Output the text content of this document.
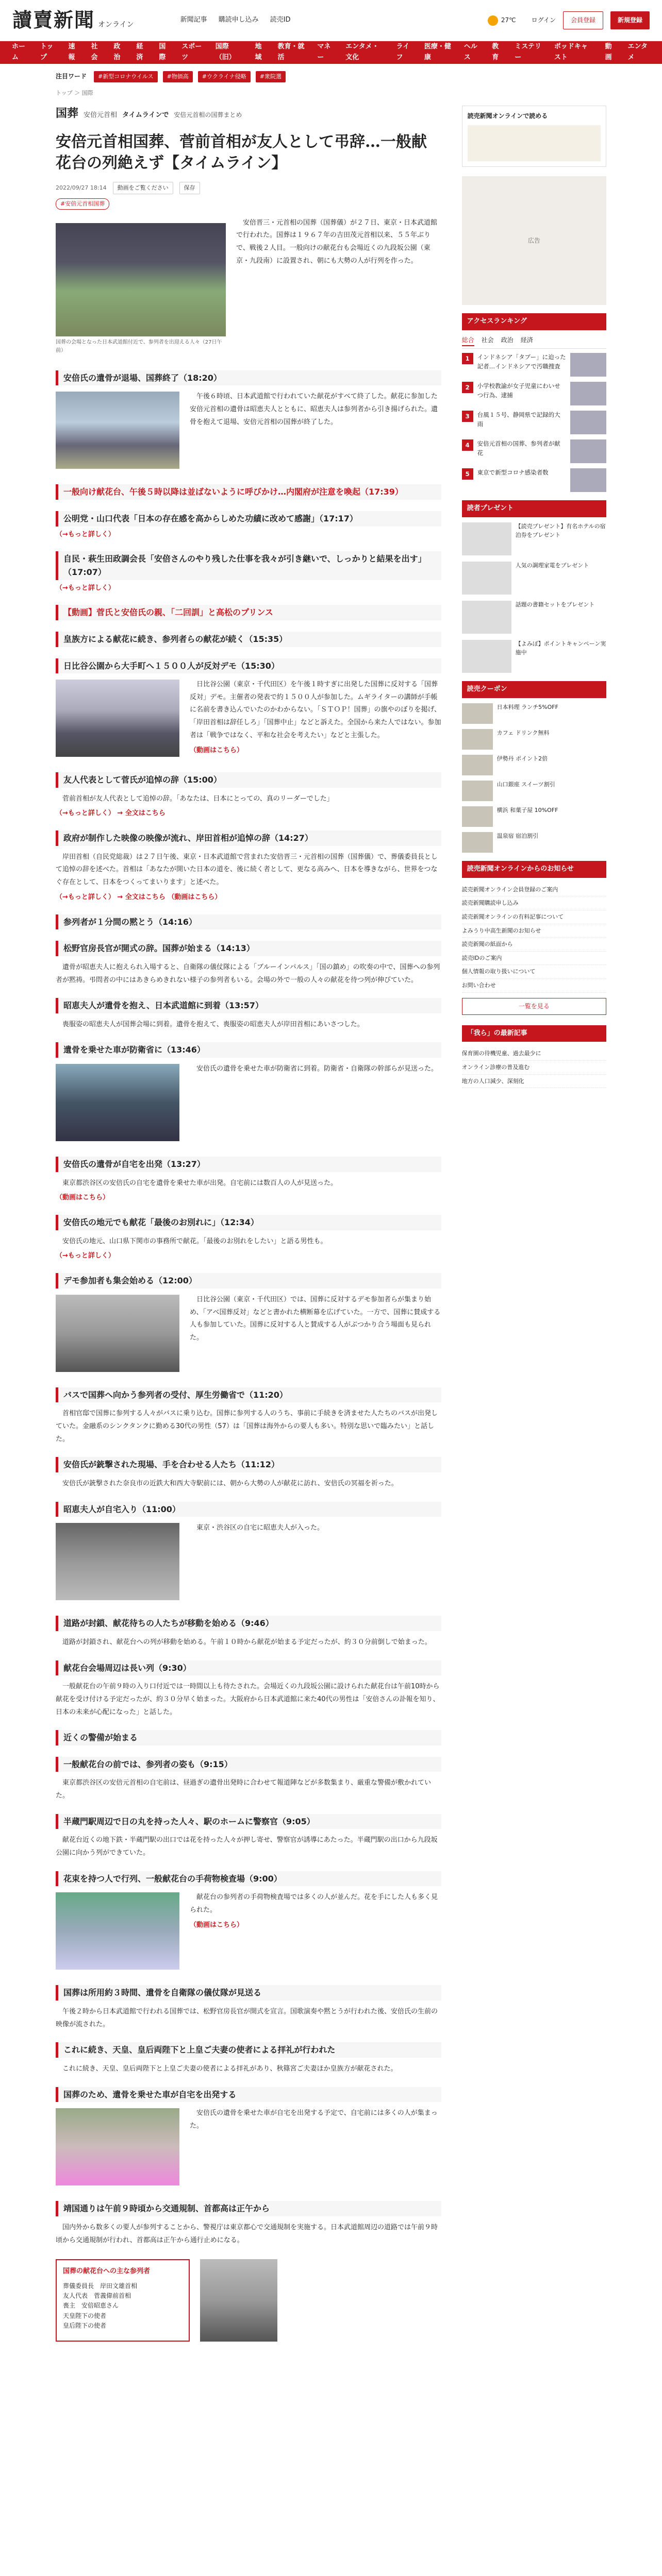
讀賣新聞 オンライン
新聞記事 購読申し込み 読売ID	27℃	ログイン	会員登録	新規登録
ホーム
トップ
速報
社会
政治
経済
国際
スポーツ
国際（旧）
地域
教育・就活
マネー
エンタメ・文化
ライフ
医療・健康
ヘルス
教育
ミステリー
ポッドキャスト
動画
エンタメ
注目ワード	#新型コロナウイルス	#物価高	#ウクライナ侵略	#衆院選
トップ ＞ 国際
国葬 安倍元首相 タイムラインで 安倍元首相の国葬まとめ
安倍元首相国葬、菅前首相が友人として弔辞…一般献花台の列絶えず【タイムライン】
2022/09/27 18:14	動画をご覧ください	保存
#安倍元首相国葬
国葬の会場となった日本武道館付近で、参列者を出迎える人々（27日午前）

安倍晋三・元首相の国葬（国葬儀）が２７日、東京・日本武道館で行われた。国葬は１９６７年の吉田茂元首相以来、５５年ぶりで、戦後２人目。一般向けの献花台も会場近くの九段坂公園（東京・九段南）に設置され、朝にも大勢の人が行列を作った。

安倍氏の遺骨が退場、国葬終了（18:20）

午後６時頃、日本武道館で行われていた献花がすべて終了した。献花に参加した安倍元首相の遺骨は昭恵夫人とともに、昭恵夫人は参列者から引き揚げられた。遺骨を抱えて退場、安倍元首相の国葬が終了した。

一般向け献花台、午後５時以降は並ばないように呼びかけ…内閣府が注意を喚起（17:39）
公明党・山口代表「日本の存在感を高からしめた功績に改めて感謝」（17:17）
（→もっと詳しく）
自民・萩生田政調会長「安倍さんのやり残した仕事を我々が引き継いで、しっかりと結果を出す」（17:07）
（→もっと詳しく）
【動画】菅氏と安倍氏の親、「二回訓」と高松のプリンス
皇族方による献花に続き、参列者らの献花が続く（15:35）
日比谷公園から大手町へ１５００人が反対デモ（15:30）

日比谷公園（東京・千代田区）を午後１時すぎに出発した国葬に反対する「国葬反対」デモ。主催者の発表で約１５００人が参加した。ムギライターの講師が手帳に名前を書き込んでいたのかわからない。「ＳＴＯＰ！国葬」の旗やのぼりを掲げ、「岸田首相は辞任しろ」「国葬中止」などと訴えた。全国から来た人ではない。参加者は「戦争ではなく、平和な社会を考えたい」などと主張した。

（動画はこちら）
友人代表として菅氏が追悼の辞（15:00）

菅前首相が友人代表として追悼の辞。「あなたは、日本にとっての、真のリーダーでした」

（→もっと詳しく） → 全文はこちら
政府が制作した映像の映像が流れ、岸田首相が追悼の辞（14:27）

岸田首相（自民党総裁）は２７日午後、東京・日本武道館で営まれた安倍晋三・元首相の国葬（国葬儀）で、葬儀委員長として追悼の辞を述べた。首相は「あなたが開いた日本の道を、後に続く者として、更なる高みへ、日本を導きながら、世界をつなぐ存在として、日本をつくってまいります」と述べた。

（→もっと詳しく） → 全文はこちら （動画はこちら）
参列者が１分間の黙とう（14:16）
松野官房長官が開式の辞。国葬が始まる（14:13）

遺骨が昭恵夫人に抱えられ入場すると、自衛隊の儀仗隊による「ブルーインパルス」「国の鎮め」の吹奏の中で、国葬への参列者が黙祷。弔問者の中にはあきらめきれない様子の参列者もいる。会場の外で一般の人々の献花を待つ列が伸びていた。

昭恵夫人が遺骨を抱え、日本武道館に到着（13:57）

喪服姿の昭恵夫人が国葬会場に到着。遺骨を抱えて、喪服姿の昭恵夫人が岸田首相にあいさつした。

遺骨を乗せた車が防衛省に（13:46）

安倍氏の遺骨を乗せた車が防衛省に到着。防衛省・自衛隊の幹部らが見送った。

安倍氏の遺骨が自宅を出発（13:27）

東京都渋谷区の安倍氏の自宅を遺骨を乗せた車が出発。自宅前には数百人の人が見送った。

（動画はこちら）
安倍氏の地元でも献花「最後のお別れに」（12:34）

安倍氏の地元、山口県下関市の事務所で献花。「最後のお別れをしたい」と語る男性も。

（→もっと詳しく）
デモ参加者も集会始める（12:00）

日比谷公園（東京・千代田区）では、国葬に反対するデモ参加者らが集まり始め、「アベ国葬反対」などと書かれた横断幕を広げていた。一方で、国葬に賛成する人も参加していた。国葬に反対する人と賛成する人がぶつかり合う場面も見られた。

バスで国葬へ向かう参列者の受付、厚生労働省で（11:20）

首相官邸で国葬に参列する人々がバスに乗り込む。国葬に参列する人のうち、事前に手続きを済ませた人たちのバスが出発していた。金融系のシンクタンクに勤める30代の男性（57）は「国葬は海外からの要人も多い。特別な思いで臨みたい」と話した。

安倍氏が銃撃された現場、手を合わせる人たち（11:12）

安倍氏が銃撃された奈良市の近鉄大和西大寺駅前には、朝から大勢の人が献花に訪れ、安倍氏の冥福を祈った。

昭恵夫人が自宅入り（11:00）

東京・渋谷区の自宅に昭恵夫人が入った。

道路が封鎖、献花待ちの人たちが移動を始める（9:46）

道路が封鎖され、献花台への列が移動を始める。午前１０時から献花が始まる予定だったが、約３０分前倒しで始まった。

献花台会場周辺は長い列（9:30）

一般献花台の午前９時の入り口付近では一時間以上も待たされた。会場近くの九段坂公園に設けられた献花台は午前10時から献花を受け付ける予定だったが、約３０分早く始まった。大阪府から日本武道館に来た40代の男性は「安倍さんの訃報を知り、日本の未来が心配になった」と話した。

近くの警備が始まる
一般献花台の前では、参列者の姿も（9:15）

東京都渋谷区の安倍元首相の自宅前は、昼過ぎの遺骨出発時に合わせて報道陣などが多数集まり、厳重な警備が敷かれていた。

半蔵門駅周辺で日の丸を持った人々、駅のホームに警察官（9:05）

献花台近くの地下鉄・半蔵門駅の出口では花を持った人々が押し寄せ、警察官が誘導にあたった。半蔵門駅の出口から九段坂公園に向かう列ができていた。

花束を持つ人で行列、一般献花台の手荷物検査場（9:00）

献花台の参列者の手荷物検査場では多くの人が並んだ。花を手にした人も多く見られた。

（動画はこちら）
国葬は所用約３時間、遺骨を自衛隊の儀仗隊が見送る

午後２時から日本武道館で行われる国葬では、松野官房長官が開式を宣言。国歌演奏や黙とうが行われた後、安倍氏の生前の映像が流された。

これに続き、天皇、皇后両陛下と上皇ご夫妻の使者による拝礼が行われた

これに続き、天皇、皇后両陛下と上皇ご夫妻の使者による拝礼があり、秋篠宮ご夫妻ほか皇族方が献花された。

国葬のため、遺骨を乗せた車が自宅を出発する

安倍氏の遺骨を乗せた車が自宅を出発する予定で、自宅前には多くの人が集まった。

靖国通りは午前９時頃から交通規制、首都高は正午から

国内外から数多くの要人が参列することから、警視庁は東京都心で交通規制を実施する。日本武道館周辺の道路では午前９時頃から交通規制が行われ、首都高は正午から通行止めになる。

国葬の献花台への主な参列者
葬儀委員長　岸田文雄首相
友人代表　菅義偉前首相
喪主　安倍昭恵さん
天皇陛下の使者
皇后陛下の使者
読売新聞オンラインで読める
広告
アクセスランキング
総合 社会 政治 経済
1	インドネシア「タブー」に迫った記者…インドネシアで汚職捜査
2	小学校教諭が女子児童にわいせつ行為、逮捕
3	台風１５号、静岡県で記録的大雨
4	安倍元首相の国葬、参列者が献花
5	東京で新型コロナ感染者数
読者プレゼント
【読売プレゼント】有名ホテルの宿泊券をプレゼント
人気の調理家電をプレゼント
話題の書籍セットをプレゼント
【よみぽ】ポイントキャンペーン実施中
読売クーポン
日本料理 ランチ5%OFF
カフェ ドリンク無料
伊勢丹 ポイント2倍
山口銀座 スイーツ割引
横浜 和菓子屋 10%OFF
温泉宿 宿泊割引
読売新聞オンラインからのお知らせ
読売新聞オンライン会員登録のご案内
読売新聞購読申し込み
読売新聞オンラインの有料記事について
よみうり中高生新聞のお知らせ
読売新聞の紙面から
読売IDのご案内
個人情報の取り扱いについて
お問い合わせ
一覧を見る
「我ら」の最新記事
保育園の待機児童、過去最少に
オンライン診療の普及進む
地方の人口減少、深刻化
